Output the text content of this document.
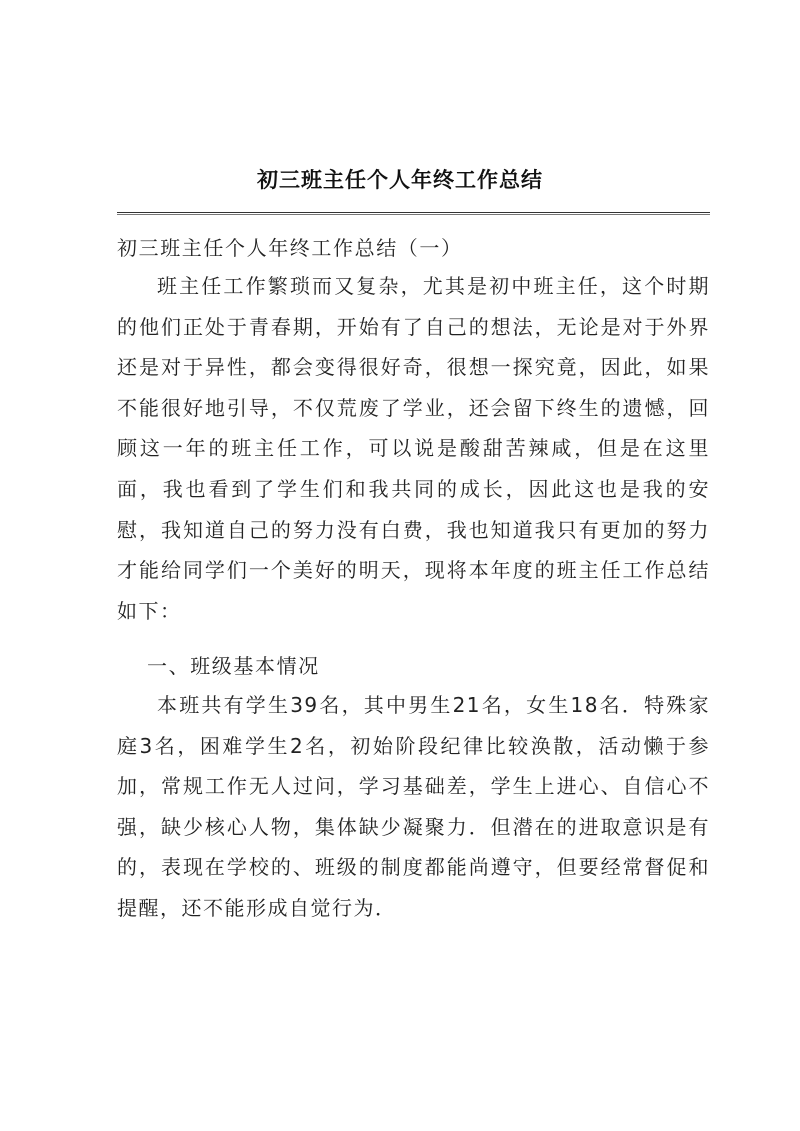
初三班主任个人年终工作总结

初三班主任个人年终工作总结（一）

班主任工作繁琐而又复杂，尤其是初中班主任，这个时期的他们正处于青春期，开始有了自己的想法，无论是对于外界还是对于异性，都会变得很好奇，很想一探究竟，因此，如果不能很好地引导，不仅荒废了学业，还会留下终生的遗憾，回顾这一年的班主任工作，可以说是酸甜苦辣咸，但是在这里面，我也看到了学生们和我共同的成长，因此这也是我的安慰，我知道自己的努力没有白费，我也知道我只有更加的努力才能给同学们一个美好的明天，现将本年度的班主任工作总结如下：

一、班级基本情况

本班共有学生39名，其中男生21名，女生18名．特殊家庭3名，困难学生2名，初始阶段纪律比较涣散，活动懒于参加，常规工作无人过问，学习基础差，学生上进心、自信心不强，缺少核心人物，集体缺少凝聚力．但潜在的进取意识是有的，表现在学校的、班级的制度都能尚遵守，但要经常督促和提醒，还不能形成自觉行为．
